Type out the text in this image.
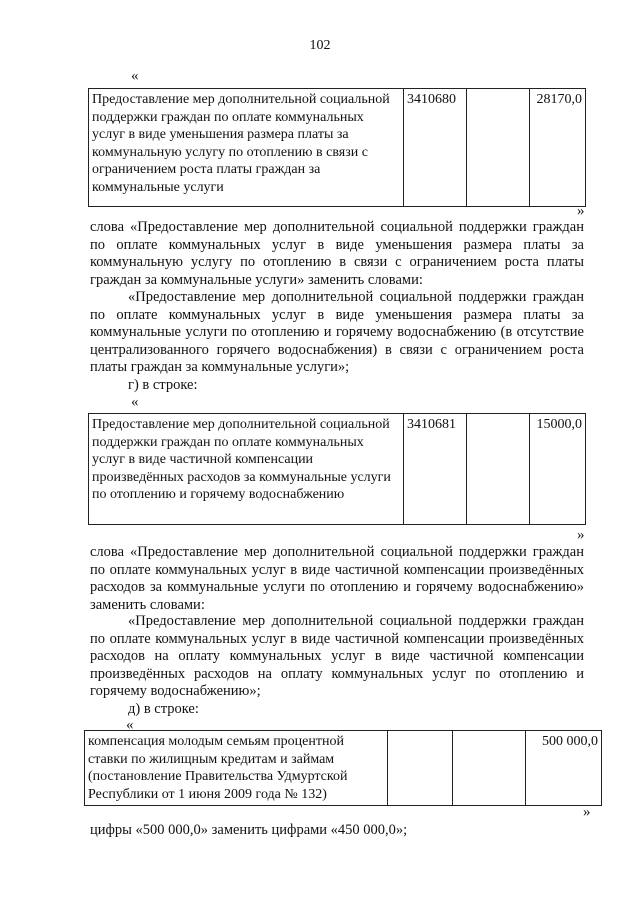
102
«
Предоставление мер дополнительной социальной поддержки граждан по оплате коммунальных услуг в виде уменьшения размера платы за коммунальную услугу по отоплению в связи с ограничением роста платы граждан за коммунальные услуги	3410680		28170,0
»
слова «Предоставление мер дополнительной социальной поддержки граждан по оплате коммунальных услуг в виде уменьшения размера платы за коммунальную услугу по отоплению в связи с ограничением роста платы граждан за коммунальные услуги» заменить словами:
«Предоставление мер дополнительной социальной поддержки граждан по оплате коммунальных услуг в виде уменьшения размера платы за коммунальные услуги по отоплению и горячему водоснабжению (в отсутствие централизованного горячего водоснабжения) в связи с ограничением роста платы граждан за коммунальные услуги»;
г) в строке:
«
Предоставление мер дополнительной социальной поддержки граждан по оплате коммунальных услуг в виде частичной компенсации произведённых расходов за коммунальные услуги по отоплению и горячему водоснабжению	3410681		15000,0
»
слова «Предоставление мер дополнительной социальной поддержки граждан по оплате коммунальных услуг в виде частичной компенсации произведённых расходов за коммунальные услуги по отоплению и горячему водоснабжению» заменить словами:
«Предоставление мер дополнительной социальной поддержки граждан по оплате коммунальных услуг в виде частичной компенсации произведённых расходов на оплату коммунальных услуг в виде частичной компенсации произведённых расходов на оплату коммунальных услуг по отоплению и горячему водоснабжению»;
д) в строке:
«
компенсация молодым семьям процентной ставки по жилищным кредитам и займам (постановление Правительства Удмуртской Республики от 1 июня 2009 года № 132)			500 000,0
»
цифры «500 000,0» заменить цифрами «450 000,0»;
